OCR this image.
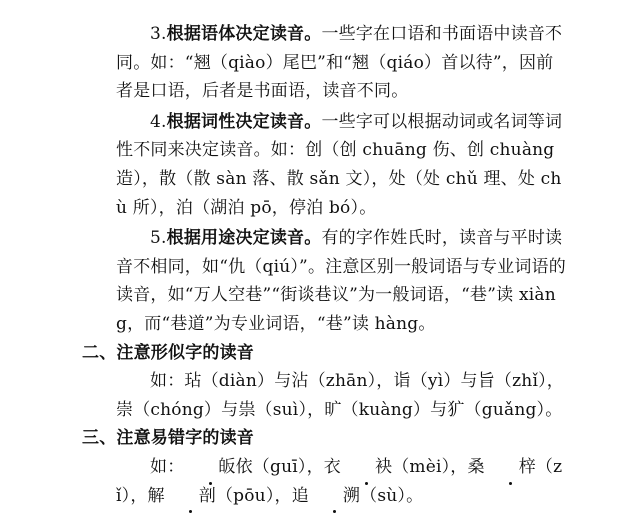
3.根据语体决定读音。一些字在口语和书面语中读音不同。如：“翘（qiào）尾巴”和“翘（qiáo）首以待”，因前者是口语，后者是书面语，读音不同。
4.根据词性决定读音。一些字可以根据动词或名词等词性不同来决定读音。如：创（创 chuāng 伤、创 chuàng 造），散（散 sàn 落、散 sǎn 文），处（处 chǔ 理、处 chù 所），泊（湖泊 pō，停泊 bó）。
5.根据用途决定读音。有的字作姓氏时，读音与平时读音不相同，如“仇（qiú）”。注意区别一般词语与专业词语的读音，如“万人空巷”“街谈巷议”为一般词语，“巷”读 xiàng，而“巷道”为专业词语，“巷”读 hàng。
二、注意形似字的读音
如：玷（diàn）与沾（zhān），诣（yì）与旨（zhǐ），崇（chóng）与祟（suì），旷（kuàng）与犷（guǎng）。
三、注意易错字的读音
如： 皈依（guī），衣 袂（mèi），桑 梓（zǐ），解 剖（pōu），追 溯（sù）。
